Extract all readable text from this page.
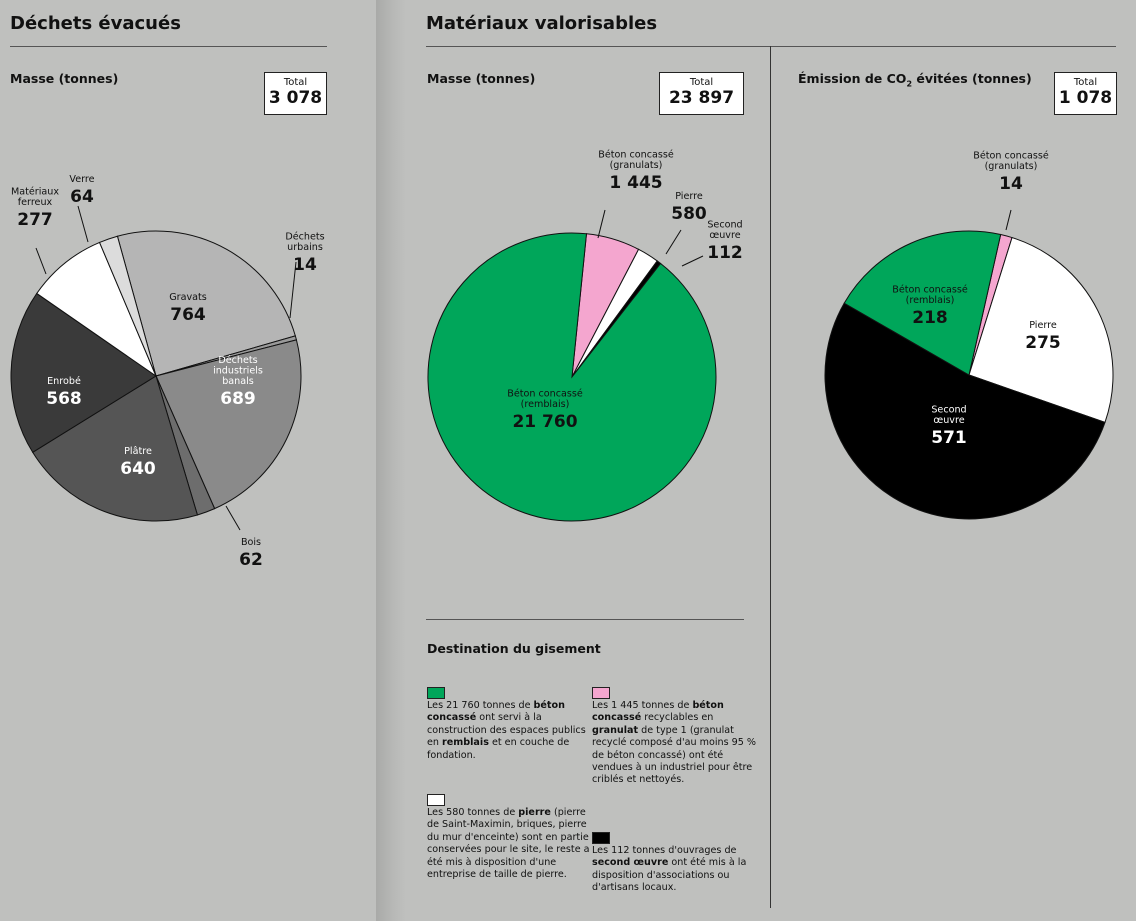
Déchets évacués
Masse (tonnes)	Total
3 078
Matériaux valorisables
Masse (tonnes)	Total
23 897
Émission de $CO_2$ évitées (tonnes)	Total
1 078
Gravats
764
Déchets
urbains
14
Déchets
industriels
banals
689
Bois
62
Plâtre
640
Enrobé
568
Matériaux
ferreux
277
Verre
64
Béton concassé
(granulats)
1 445
Pierre
580
Second
œuvre
112
Béton concassé
(remblais)
21 760
Béton concassé
(granulats)
14
Pierre
275
Second
œuvre
571
Béton concassé
(remblais)
218
Destination du gisement
Les 21 760 tonnes de béton concassé ont servi à la construction des espaces publics en remblais et en couche de fondation.
Les 1 445 tonnes de béton concassé recyclables en granulat de type 1 (granulat recyclé composé d'au moins 95 % de béton concassé) ont été vendues à un industriel pour être criblés et nettoyés.
Les 580 tonnes de pierre (pierre de Saint-Maximin, briques, pierre du mur d'enceinte) sont en partie conservées pour le site, le reste a été mis à disposition d'une entreprise de taille de pierre.
Les 112 tonnes d'ouvrages de second œuvre ont été mis à la disposition d'associations ou d'artisans locaux.
